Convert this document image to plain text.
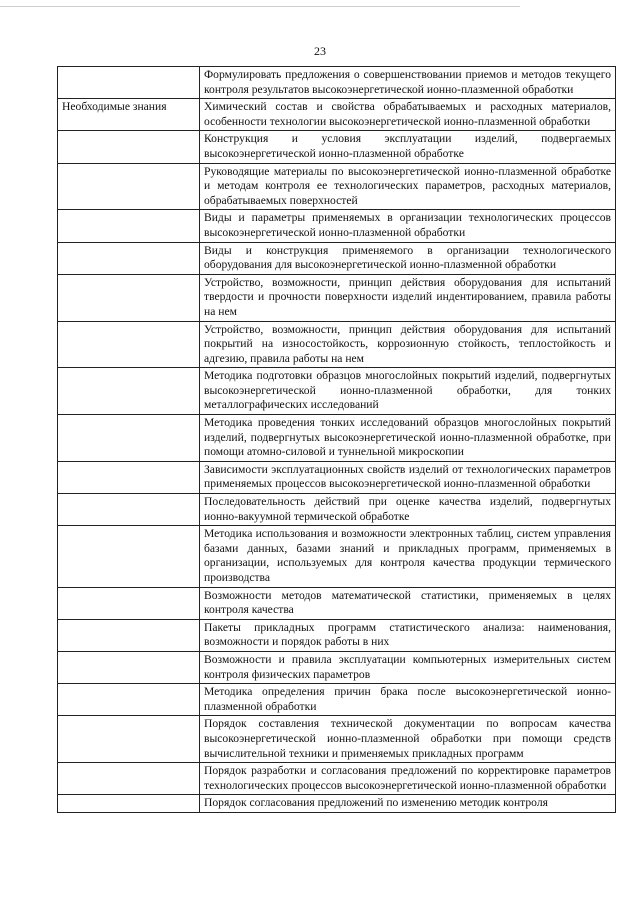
23
	Формулировать предложения о совершенствовании приемов и методов текущего контроля результатов высокоэнергетической ионно-плазменной обработки
Необходимые знания	Химический состав и свойства обрабатываемых и расходных материалов, особенности технологии высокоэнергетической ионно-плазменной обработки
	Конструкция и условия эксплуатации изделий, подвергаемых высокоэнергетической ионно-плазменной обработке
	Руководящие материалы по высокоэнергетической ионно-плазменной обработке и методам контроля ее технологических параметров, расходных материалов, обрабатываемых поверхностей
	Виды и параметры применяемых в организации технологических процессов высокоэнергетической ионно-плазменной обработки
	Виды и конструкция применяемого в организации технологического оборудования для высокоэнергетической ионно-плазменной обработки
	Устройство, возможности, принцип действия оборудования для испытаний твердости и прочности поверхности изделий индентированием, правила работы на нем
	Устройство, возможности, принцип действия оборудования для испытаний покрытий на износостойкость, коррозионную стойкость, теплостойкость и адгезию, правила работы на нем
	Методика подготовки образцов многослойных покрытий изделий, подвергнутых высокоэнергетической ионно-плазменной обработки, для тонких металлографических исследований
	Методика проведения тонких исследований образцов многослойных покрытий изделий, подвергнутых высокоэнергетической ионно-плазменной обработке, при помощи атомно-силовой и туннельной микроскопии
	Зависимости эксплуатационных свойств изделий от технологических параметров применяемых процессов высокоэнергетической ионно-плазменной обработки
	Последовательность действий при оценке качества изделий, подвергнутых ионно-вакуумной термической обработке
	Методика использования и возможности электронных таблиц, систем управления базами данных, базами знаний и прикладных программ, применяемых в организации, используемых для контроля качества продукции термического производства
	Возможности методов математической статистики, применяемых в целях контроля качества
	Пакеты прикладных программ статистического анализа: наименования, возможности и порядок работы в них
	Возможности и правила эксплуатации компьютерных измерительных систем контроля физических параметров
	Методика определения причин брака после высокоэнергетической ионно-плазменной обработки
	Порядок составления технической документации по вопросам качества высокоэнергетической ионно-плазменной обработки при помощи средств вычислительной техники и применяемых прикладных программ
	Порядок разработки и согласования предложений по корректировке параметров технологических процессов высокоэнергетической ионно-плазменной обработки
	Порядок согласования предложений по изменению методик контроля
